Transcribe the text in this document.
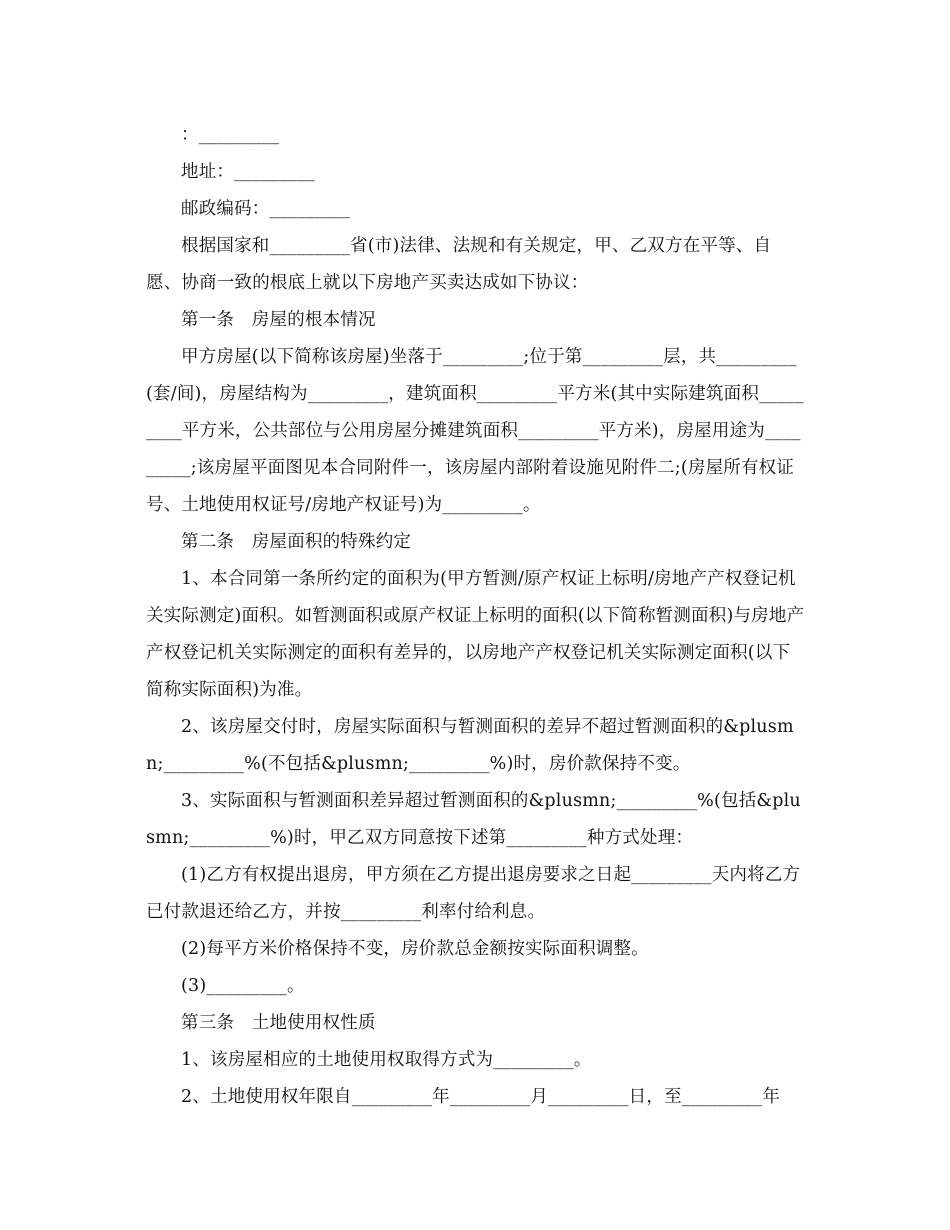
：_________

地址：_________

邮政编码：_________

根据国家和_________省(市)法律、法规和有关规定，甲、乙双方在平等、自愿、协商一致的根底上就以下房地产买卖达成如下协议：

第一条　房屋的根本情况

甲方房屋(以下简称该房屋)坐落于_________;位于第_________层，共_________(套/间)，房屋结构为_________，建筑面积_________平方米(其中实际建筑面积_________平方米，公共部位与公用房屋分摊建筑面积_________平方米)，房屋用途为_________;该房屋平面图见本合同附件一，该房屋内部附着设施见附件二;(房屋所有权证号、土地使用权证号/房地产权证号)为_________。

第二条　房屋面积的特殊约定

1、本合同第一条所约定的面积为(甲方暂测/原产权证上标明/房地产产权登记机关实际测定)面积。如暂测面积或原产权证上标明的面积(以下简称暂测面积)与房地产产权登记机关实际测定的面积有差异的，以房地产产权登记机关实际测定面积(以下简称实际面积)为准。

2、该房屋交付时，房屋实际面积与暂测面积的差异不超过暂测面积的&plusmn;_________%(不包括&plusmn;_________%)时，房价款保持不变。

3、实际面积与暂测面积差异超过暂测面积的&plusmn;_________%(包括&plusmn;_________%)时，甲乙双方同意按下述第_________种方式处理：

(1)乙方有权提出退房，甲方须在乙方提出退房要求之日起_________天内将乙方已付款退还给乙方，并按_________利率付给利息。

(2)每平方米价格保持不变，房价款总金额按实际面积调整。

(3)_________。

第三条　土地使用权性质

1、该房屋相应的土地使用权取得方式为_________。

2、土地使用权年限自_________年_________月_________日，至_________年
